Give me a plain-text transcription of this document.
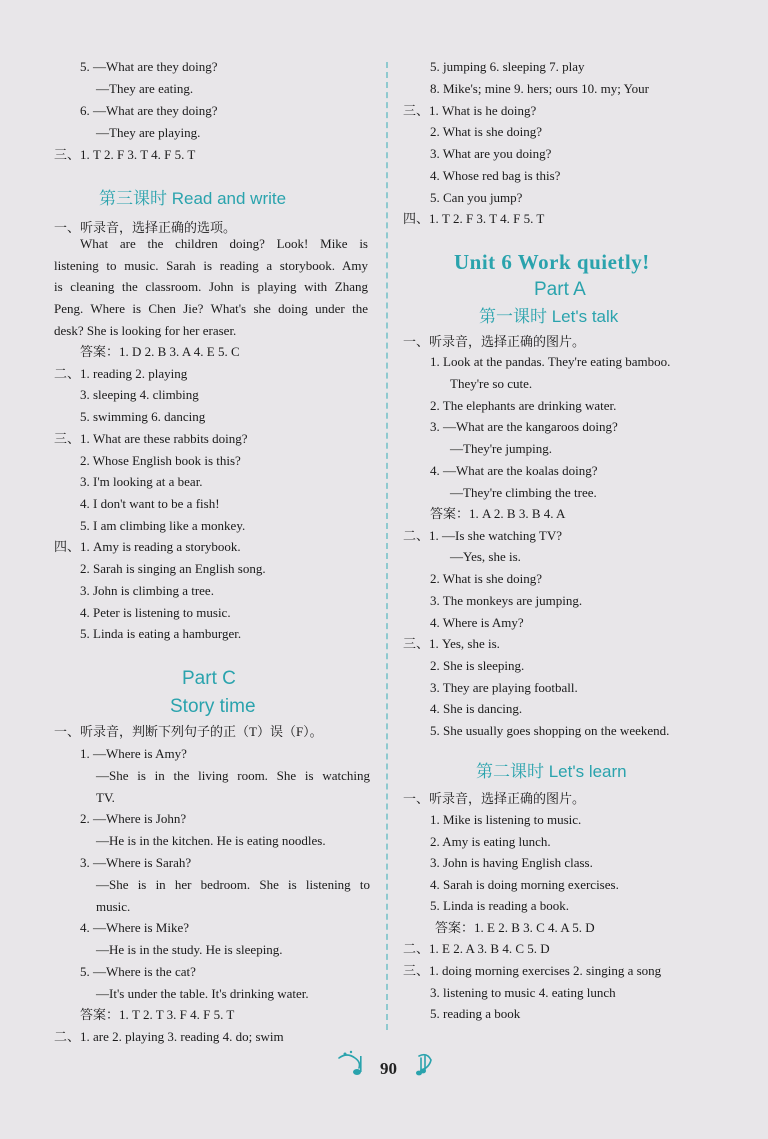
5. —What are they doing?
—They are eating.
6. —What are they doing?
—They are playing.
三、1. T 2. F 3. T 4. F 5. T
第三课时 Read and write
一、听录音，选择正确的选项。
What are the children doing? Look! Mike is
listening to music. Sarah is reading a storybook. Amy
is cleaning the classroom. John is playing with Zhang
Peng. Where is Chen Jie? What's she doing under the
desk? She is looking for her eraser.
答案：1. D 2. B 3. A 4. E 5. C
二、1. reading 2. playing
3. sleeping 4. climbing
5. swimming 6. dancing
三、1. What are these rabbits doing?
2. Whose English book is this?
3. I'm looking at a bear.
4. I don't want to be a fish!
5. I am climbing like a monkey.
四、1. Amy is reading a storybook.
2. Sarah is singing an English song.
3. John is climbing a tree.
4. Peter is listening to music.
5. Linda is eating a hamburger.
Part C
Story time
一、听录音，判断下列句子的正（T）误（F）。
1. —Where is Amy?
—She is in the living room. She is watching
TV.
2. —Where is John?
—He is in the kitchen. He is eating noodles.
3. —Where is Sarah?
—She is in her bedroom. She is listening to
music.
4. —Where is Mike?
—He is in the study. He is sleeping.
5. —Where is the cat?
—It's under the table. It's drinking water.
答案：1. T 2. T 3. F 4. F 5. T
二、1. are 2. playing 3. reading 4. do; swim
5. jumping 6. sleeping 7. play
8. Mike's; mine 9. hers; ours 10. my; Your
三、1. What is he doing?
2. What is she doing?
3. What are you doing?
4. Whose red bag is this?
5. Can you jump?
四、1. T 2. F 3. T 4. F 5. T
Unit 6 Work quietly!
Part A
第一课时 Let's talk
一、听录音，选择正确的图片。
1. Look at the pandas. They're eating bamboo.
They're so cute.
2. The elephants are drinking water.
3. —What are the kangaroos doing?
—They're jumping.
4. —What are the koalas doing?
—They're climbing the tree.
答案：1. A 2. B 3. B 4. A
二、1. —Is she watching TV?
—Yes, she is.
2. What is she doing?
3. The monkeys are jumping.
4. Where is Amy?
三、1. Yes, she is.
2. She is sleeping.
3. They are playing football.
4. She is dancing.
5. She usually goes shopping on the weekend.
第二课时 Let's learn
一、听录音，选择正确的图片。
1. Mike is listening to music.
2. Amy is eating lunch.
3. John is having English class.
4. Sarah is doing morning exercises.
5. Linda is reading a book.
答案：1. E 2. B 3. C 4. A 5. D
二、1. E 2. A 3. B 4. C 5. D
三、1. doing morning exercises 2. singing a song
3. listening to music 4. eating lunch
5. reading a book
90
